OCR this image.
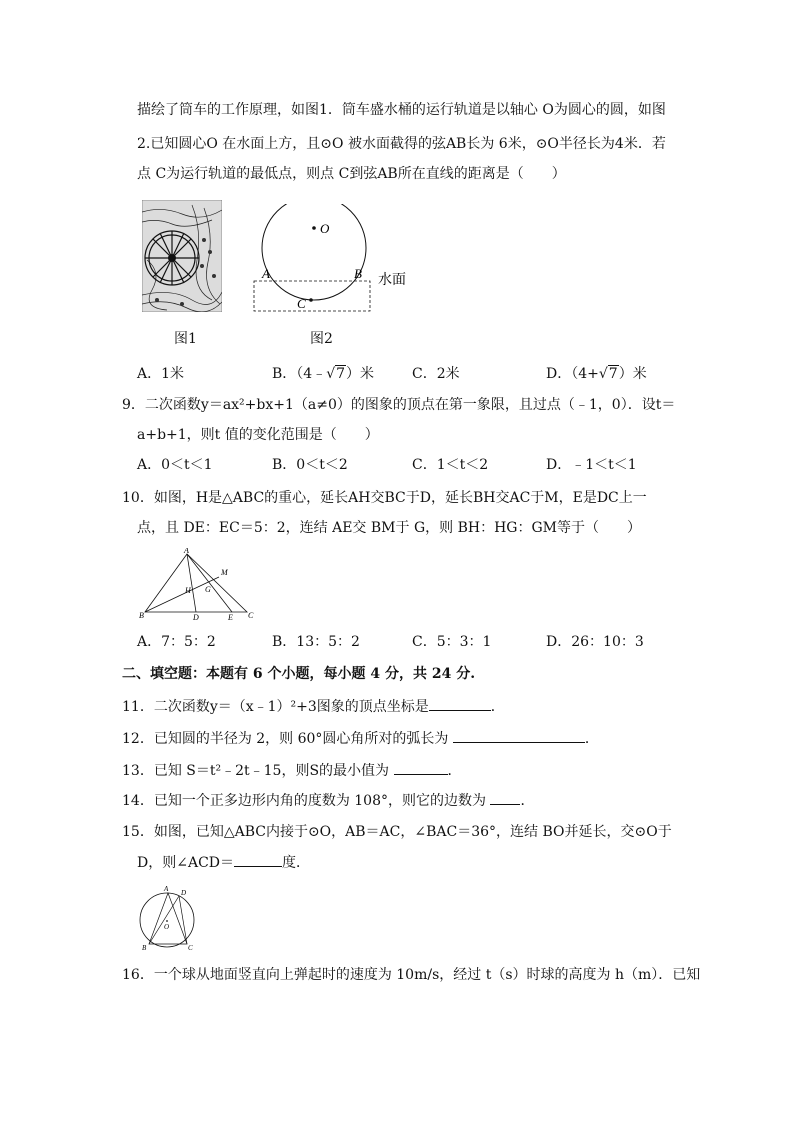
描绘了筒车的工作原理，如图1．筒车盛水桶的运行轨道是以轴心 O为圆心的圆，如图
2.已知圆心O 在水面上方，且⊙O 被水面截得的弦AB长为 6米，⊙O半径长为4米．若
点 C为运行轨道的最低点，则点 C到弦AB所在直线的距离是（　　）
图1
O
A	B
C
水面
图2
A．1米	B．（4﹣√7）米	C．2米	D．（4+√7）米
9．二次函数y＝ax²+bx+1（a≠0）的图象的顶点在第一象限，且过点（﹣1，0）．设t＝
a+b+1，则t 值的变化范围是（　　）
A．0＜t＜1	B．0＜t＜2	C．1＜t＜2	D．﹣1＜t＜1
10．如图，H是△ABC的重心，延长AH交BC于D，延长BH交AC于M，E是DC上一
点，且 DE：EC＝5：2，连结 AE交 BM于 G，则 BH：HG：GM等于（　　）
A
B	C
D	E
H G
M
A．7：5：2	B．13：5：2	C．5：3：1	D．26：10：3
二、填空题：本题有 6 个小题，每小题 4 分，共 24 分.
11．二次函数y＝（x﹣1）²+3图象的顶点坐标是	．
12．已知圆的半径为 2，则 60°圆心角所对的弧长为	．
13．已知 S＝t²﹣2t﹣15，则S的最小值为	．
14．已知一个正多边形内角的度数为 108°，则它的边数为 ．
15．如图，已知△ABC内接于⊙O，AB＝AC，∠BAC＝36°，连结 BO并延长，交⊙O于
D，则∠ACD＝	度．
A D
O
B	C
16．一个球从地面竖直向上弹起时的速度为 10m/s，经过 t（s）时球的高度为 h（m）．已知
